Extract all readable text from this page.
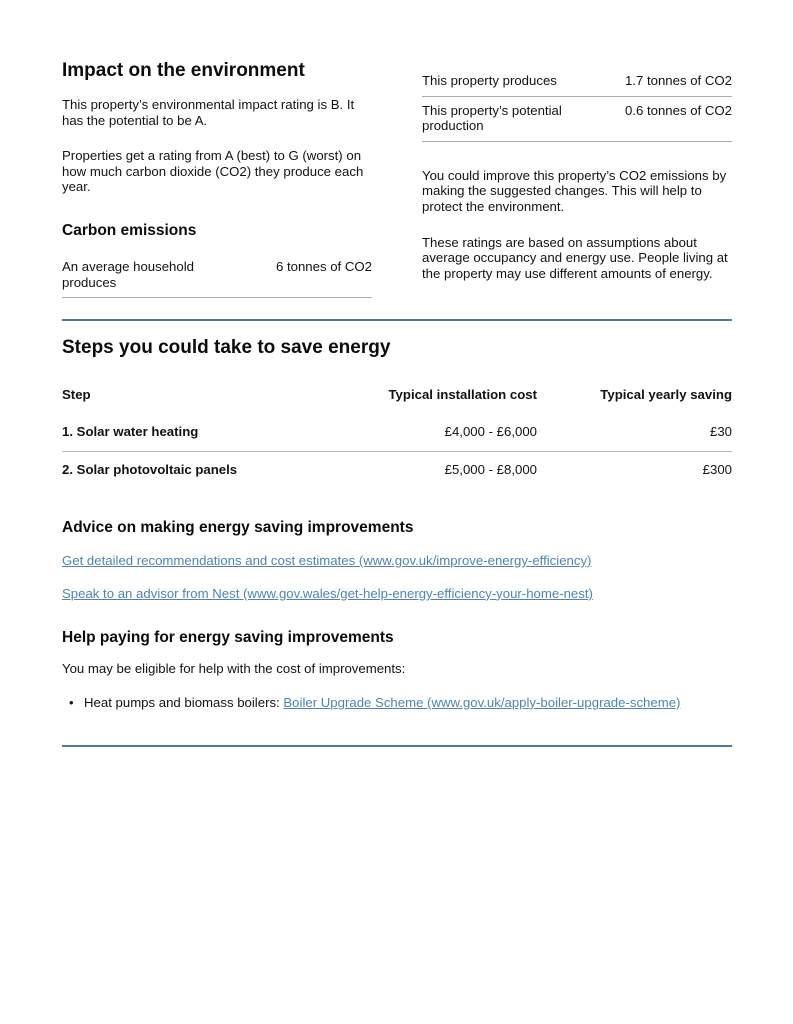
Impact on the environment

This property’s environmental impact rating is B. It has the potential to be A.

Properties get a rating from A (best) to G (worst) on how much carbon dioxide (CO2) they produce each year.

Carbon emissions
An average household produces	6 tonnes of CO2
This property produces	1.7 tonnes of CO2
This property’s potential production	0.6 tonnes of CO2

You could improve this property’s CO2 emissions by making the suggested changes. This will help to protect the environment.

These ratings are based on assumptions about average occupancy and energy use. People living at the property may use different amounts of energy.

Steps you could take to save energy
Step	Typical installation cost	Typical yearly saving
1. Solar water heating	£4,000 - £6,000	£30
2. Solar photovoltaic panels	£5,000 - £8,000	£300
Advice on making energy saving improvements

Get detailed recommendations and cost estimates (www.gov.uk/improve-energy-efficiency)

Speak to an advisor from Nest (www.gov.wales/get-help-energy-efficiency-your-home-nest)

Help paying for energy saving improvements

You may be eligible for help with the cost of improvements:

• Heat pumps and biomass boilers: Boiler Upgrade Scheme (www.gov.uk/apply-boiler-upgrade-scheme)
